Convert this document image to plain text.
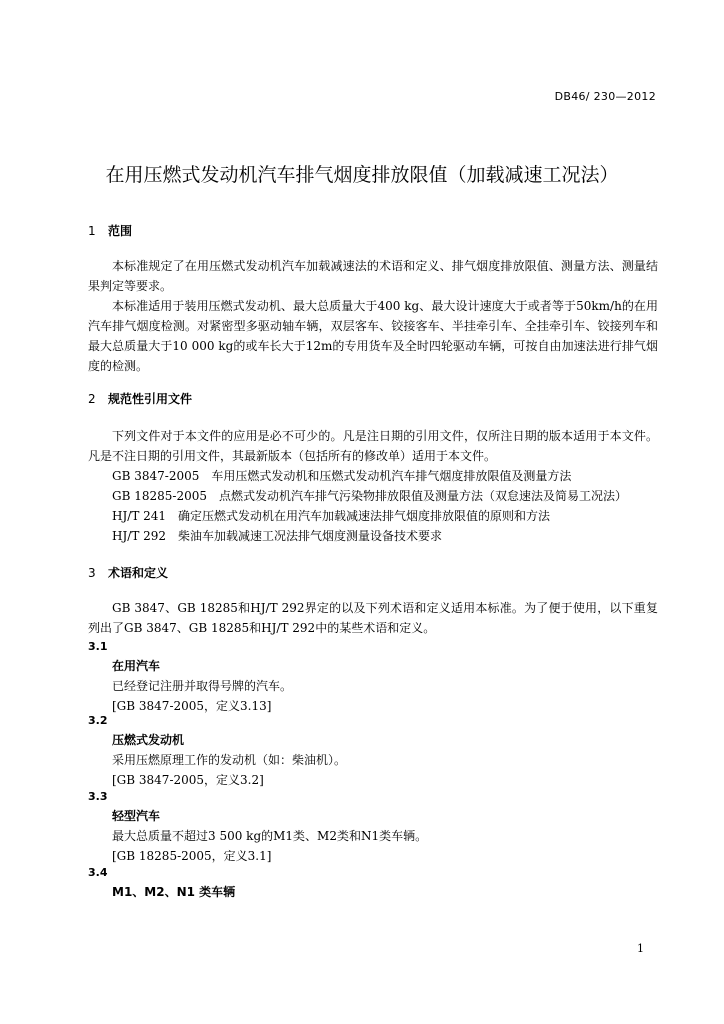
DB46/ 230—2012
在用压燃式发动机汽车排气烟度排放限值（加载减速工况法）
1 范围

本标准规定了在用压燃式发动机汽车加载减速法的术语和定义、排气烟度排放限值、测量方法、测量结果判定等要求。

本标准适用于装用压燃式发动机、最大总质量大于400 kg、最大设计速度大于或者等于50km/h的在用汽车排气烟度检测。对紧密型多驱动轴车辆，双层客车、铰接客车、半挂牵引车、全挂牵引车、铰接列车和最大总质量大于10 000 kg的或车长大于12m的专用货车及全时四轮驱动车辆，可按自由加速法进行排气烟度的检测。

2 规范性引用文件

下列文件对于本文件的应用是必不可少的。凡是注日期的引用文件，仅所注日期的版本适用于本文件。凡是不注日期的引用文件，其最新版本（包括所有的修改单）适用于本文件。

GB 3847-2005　车用压燃式发动机和压燃式发动机汽车排气烟度排放限值及测量方法
GB 18285-2005　点燃式发动机汽车排气污染物排放限值及测量方法（双怠速法及简易工况法）
HJ/T 241　确定压燃式发动机在用汽车加载减速法排气烟度排放限值的原则和方法
HJ/T 292　柴油车加载减速工况法排气烟度测量设备技术要求
3 术语和定义

GB 3847、GB 18285和HJ/T 292界定的以及下列术语和定义适用本标准。为了便于使用，以下重复列出了GB 3847、GB 18285和HJ/T 292中的某些术语和定义。

3.1
在用汽车
已经登记注册并取得号牌的汽车。
[GB 3847-2005，定义3.13]
3.2
压燃式发动机
采用压燃原理工作的发动机（如：柴油机）。
[GB 3847-2005，定义3.2]
3.3
轻型汽车
最大总质量不超过3 500 kg的M1类、M2类和N1类车辆。
[GB 18285-2005，定义3.1]
3.4
M1、M2、N1 类车辆
1
